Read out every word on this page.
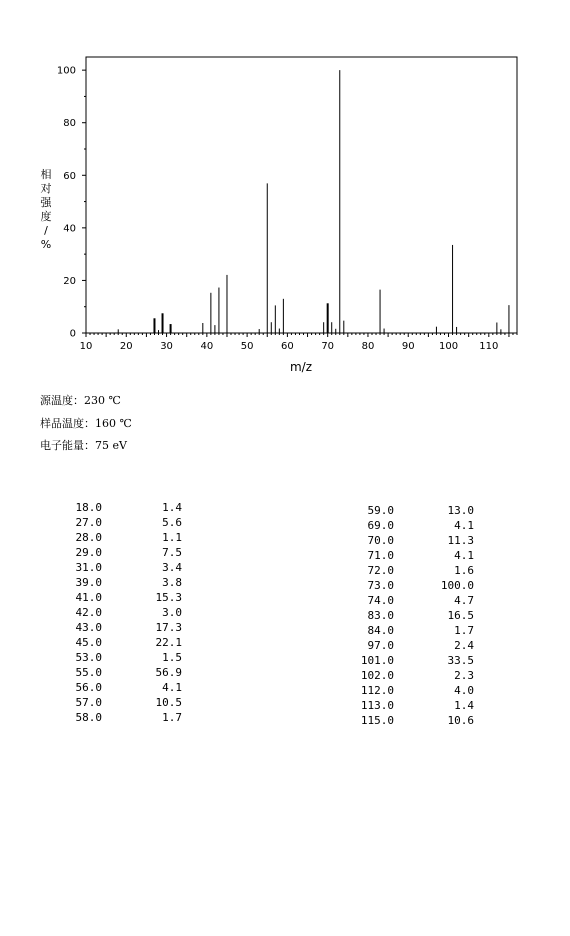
0
20
40
60
80
100
10	20	30	40	50	60	70	80	90 100 110
m/z
相
对
强
度
/
%
源温度：230 ℃
样品温度：160 ℃
电子能量：75 eV
18.0	1.4
27.0	5.6
28.0	1.1
29.0	7.5
31.0	3.4
39.0	3.8
41.0	15.3
42.0	3.0
43.0	17.3
45.0	22.1
53.0	1.5
55.0	56.9
56.0	4.1
57.0	10.5
58.0	1.7
59.0	13.0
69.0	4.1
70.0	11.3
71.0	4.1
72.0	1.6
73.0	100.0
74.0	4.7
83.0	16.5
84.0	1.7
97.0	2.4
101.0	33.5
102.0	2.3
112.0	4.0
113.0	1.4
115.0	10.6
